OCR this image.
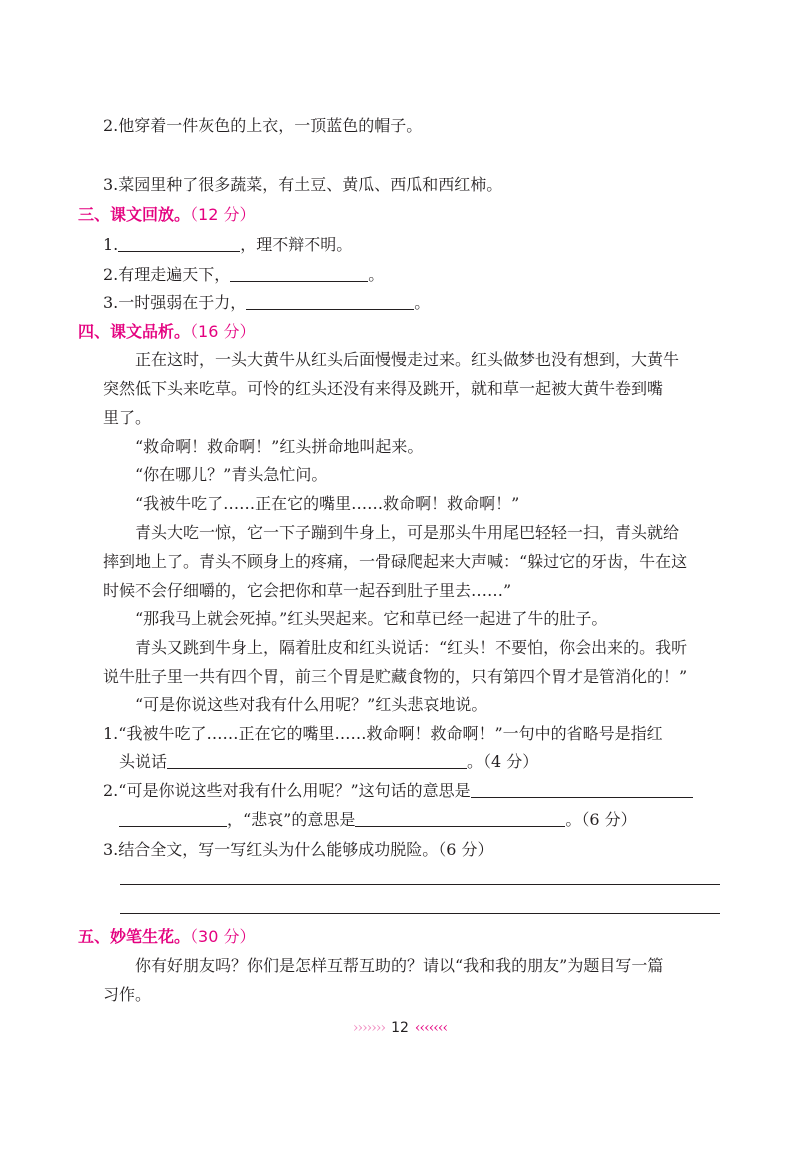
2.他穿着一件灰色的上衣，一顶蓝色的帽子。
3.菜园里种了很多蔬菜，有土豆、黄瓜、西瓜和西红柿。
三、课文回放。（12 分）
1.	，理不辩不明。
2.有理走遍天下，	。
3.一时强弱在于力，	。
四、课文品析。（16 分）
正在这时，一头大黄牛从红头后面慢慢走过来。红头做梦也没有想到，大黄牛
突然低下头来吃草。可怜的红头还没有来得及跳开，就和草一起被大黄牛卷到嘴
里了。
“救命啊！救命啊！”红头拼命地叫起来。
“你在哪儿？”青头急忙问。
“我被牛吃了……正在它的嘴里……救命啊！救命啊！”
青头大吃一惊，它一下子蹦到牛身上，可是那头牛用尾巴轻轻一扫，青头就给
摔到地上了。青头不顾身上的疼痛，一骨碌爬起来大声喊：“躲过它的牙齿，牛在这
时候不会仔细嚼的，它会把你和草一起吞到肚子里去……”
“那我马上就会死掉。”红头哭起来。它和草已经一起进了牛的肚子。
青头又跳到牛身上，隔着肚皮和红头说话：“红头！不要怕，你会出来的。我听
说牛肚子里一共有四个胃，前三个胃是贮藏食物的，只有第四个胃才是管消化的！”
“可是你说这些对我有什么用呢？”红头悲哀地说。
1.“我被牛吃了……正在它的嘴里……救命啊！救命啊！”一句中的省略号是指红
头说话	。（4 分）
2.“可是你说这些对我有什么用呢？”这句话的意思是
，“悲哀”的意思是	。（6 分）
3.结合全文，写一写红头为什么能够成功脱险。（6 分）
五、妙笔生花。（30 分）
你有好朋友吗？你们是怎样互帮互助的？请以“我和我的朋友”为题目写一篇
习作。
››››››› 12 ‹‹‹‹‹‹‹
